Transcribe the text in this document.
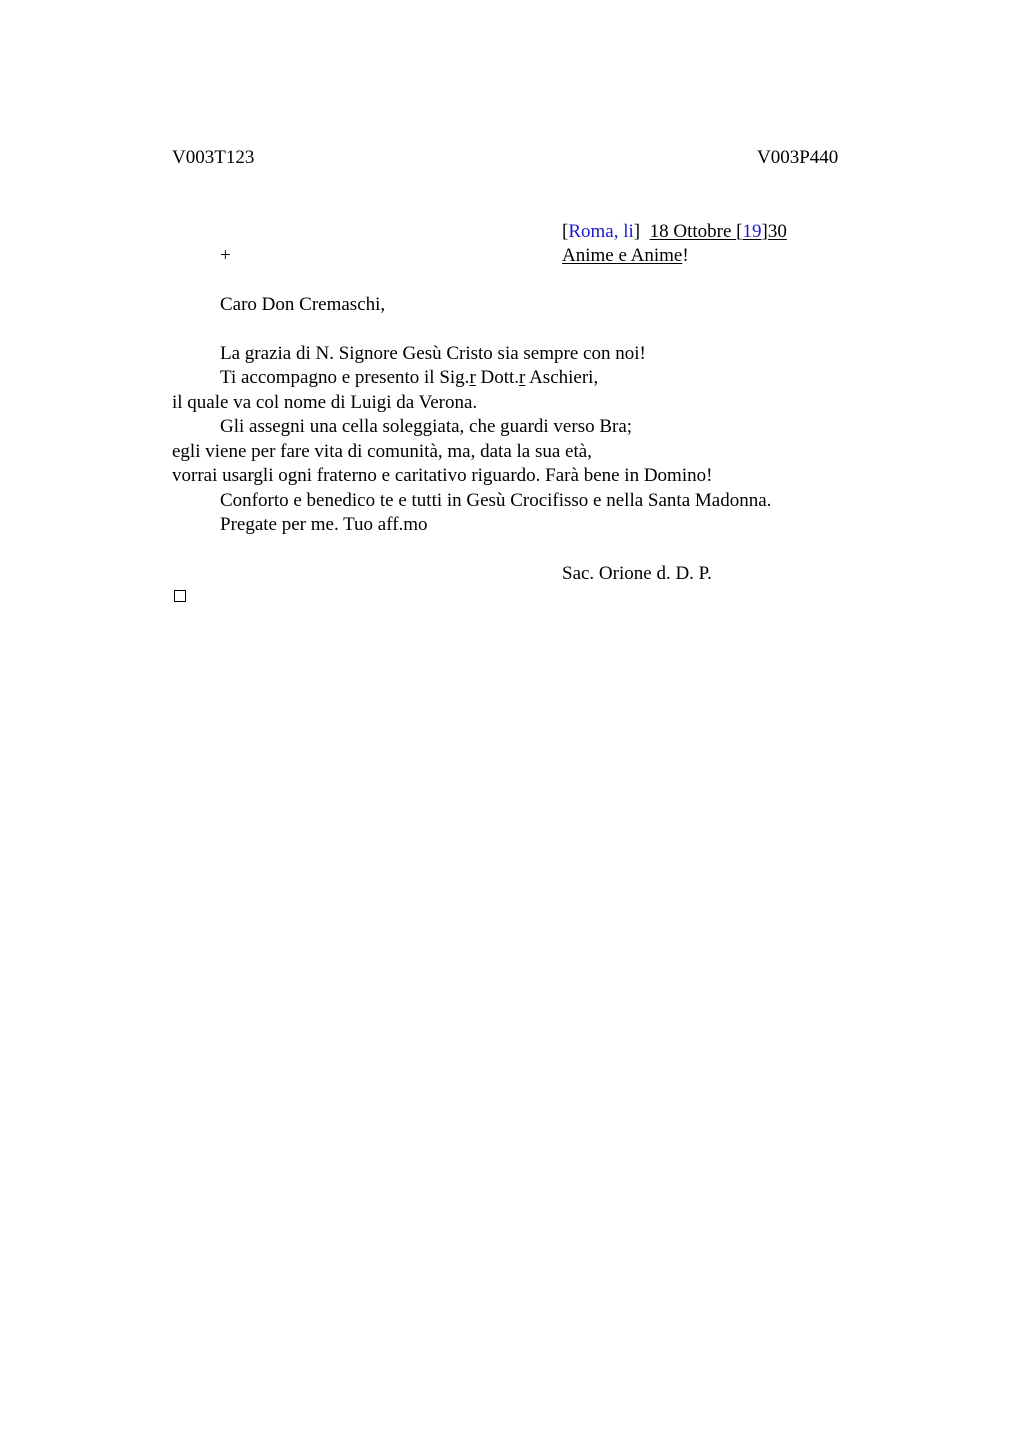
V003T123	V003P440
[Roma, li] 18 Ottobre [19]30
+	Anime e Anime!
Caro Don Cremaschi,
La grazia di N. Signore Gesù Cristo sia sempre con noi!
Ti accompagno e presento il Sig.r Dott.r Aschieri,
il quale va col nome di Luigi da Verona.
Gli assegni una cella soleggiata, che guardi verso Bra;
egli viene per fare vita di comunità, ma, data la sua età,
vorrai usargli ogni fraterno e caritativo riguardo. Farà bene in Domino!
Conforto e benedico te e tutti in Gesù Crocifisso e nella Santa Madonna.
Pregate per me. Tuo aff.mo
Sac. Orione d. D. P.
